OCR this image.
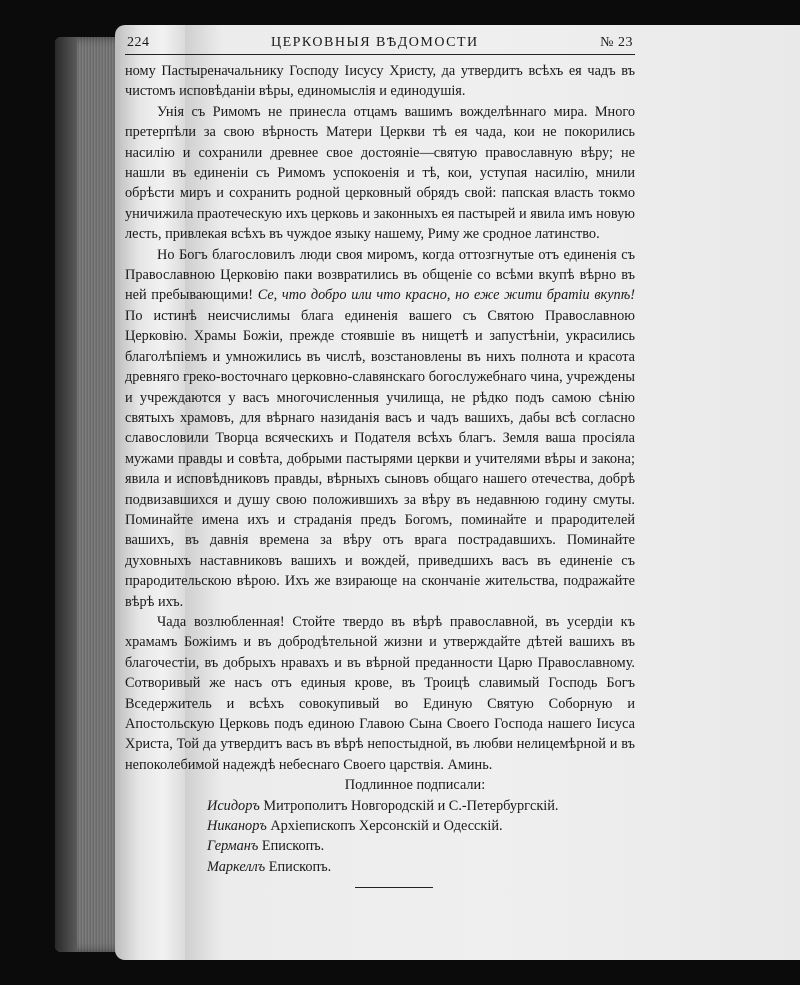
224	ЦЕРКОВНЫЯ ВѢДОМОСТИ	№ 23

ному Пастыреначальнику Господу Іисусу Христу, да утвердитъ всѣхъ ея чадъ въ чистомъ исповѣданіи вѣры, единомыслія и единодушія.

Унія съ Римомъ не принесла отцамъ вашимъ вожделѣннаго мира. Много претерпѣли за свою вѣрность Матери Церкви тѣ ея чада, кои не покорились насилію и сохранили древнее свое достояніе—святую православную вѣру; не нашли въ единеніи съ Римомъ успокоенія и тѣ, кои, уступая насилію, мнили обрѣсти миръ и сохранить родной церковный обрядъ свой: папская власть токмо уничижила праотеческую ихъ церковь и законныхъ ея пастырей и явила имъ новую лесть, привлекая всѣхъ въ чуждое языку нашему, Риму же сродное латинство.

Но Богъ благословилъ люди своя миромъ, когда оттозгнутые отъ единенія съ Православною Церковію паки возвратились въ общеніе со всѣми вкупѣ вѣрно въ ней пребывающими! Се, что добро или что красно, но еже жити братіи вкупѣ! По истинѣ неисчислимы блага единенія вашего съ Святою Православною Церковію. Храмы Божіи, прежде стоявшіе въ нищетѣ и запустѣніи, украсились благолѣпіемъ и умножились въ числѣ, возстановлены въ нихъ полнота и красота древняго греко-восточнаго церковно-славянскаго богослужебнаго чина, учреждены и учреждаются у васъ многочисленныя училища, не рѣдко подъ самою сѣнію святыхъ храмовъ, для вѣрнаго назиданія васъ и чадъ вашихъ, дабы всѣ согласно славословили Творца всяческихъ и Подателя всѣхъ благъ. Земля ваша просіяла мужами правды и совѣта, добрыми пастырями церкви и учителями вѣры и закона; явила и исповѣдниковъ правды, вѣрныхъ сыновъ общаго нашего отечества, добрѣ подвизавшихся и душу свою положившихъ за вѣру въ недавнюю годину смуты. Поминайте имена ихъ и страданія предъ Богомъ, поминайте и прародителей вашихъ, въ давнія времена за вѣру отъ врага пострадавшихъ. Поминайте духовныхъ наставниковъ вашихъ и вождей, приведшихъ васъ въ единеніе съ прародительскою вѣрою. Ихъ же взирающе на скончаніе жительства, подражайте вѣрѣ ихъ.

Чада возлюбленная! Стойте твердо въ вѣрѣ православной, въ усердіи къ храмамъ Божіимъ и въ добродѣтельной жизни и утверждайте дѣтей вашихъ въ благочестіи, въ добрыхъ нравахъ и въ вѣрной преданности Царю Православному. Сотворивый же насъ отъ единыя крове, въ Троицѣ славимый Господь Богъ Вседержитель и всѣхъ совокупивый во Единую Святую Соборную и Апостольскую Церковь подъ единою Главою Сына Своего Господа нашего Іисуса Христа, Той да утвердитъ васъ въ вѣрѣ непостыдной, въ любви нелицемѣрной и въ непоколебимой надеждѣ небеснаго Своего царствія. Аминь.

Подлинное подписали:
Исидоръ Митрополитъ Новгородскій и С.-Петербургскій.
Никаноръ Архіепископъ Херсонскій и Одесскій.
Германъ Епископъ.
Маркеллъ Епископъ.
